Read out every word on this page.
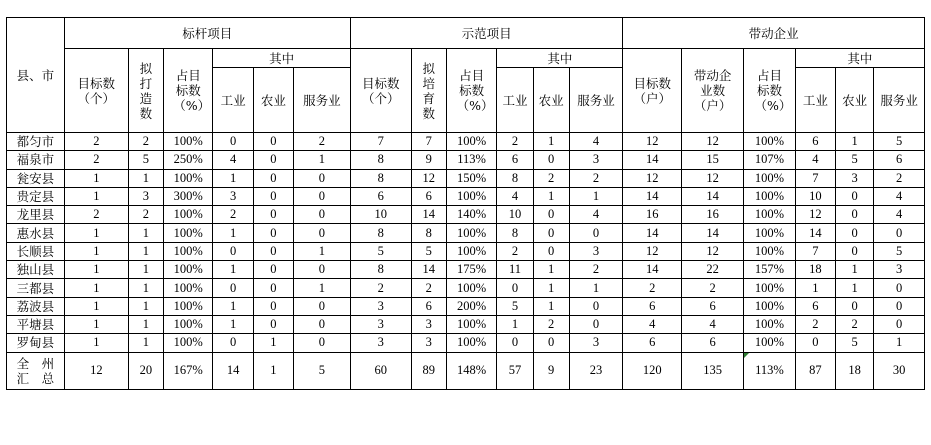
县、市	标杆项目						示范项目						带动企业					
	目标数（个）	拟打造数	占目标数（%）	其中			目标数（个）	拟培育数	占目标数（%）	其中			目标数（户）	带动企业数（户）	占目标数（%）	其中		
				工业	农业	服务业				工业	农业	服务业				工业	农业	服务业
都匀市	2	2	100%	0	0	2	7	7	100%	2	1	4	12	12	100%	6	1	5
福泉市	2	5	250%	4	0	1	8	9	113%	6	0	3	14	15	107%	4	5	6
瓮安县	1	1	100%	1	0	0	8	12	150%	8	2	2	12	12	100%	7	3	2
贵定县	1	3	300%	3	0	0	6	6	100%	4	1	1	14	14	100%	10	0	4
龙里县	2	2	100%	2	0	0	10	14	140%	10	0	4	16	16	100%	12	0	4
惠水县	1	1	100%	1	0	0	8	8	100%	8	0	0	14	14	100%	14	0	0
长顺县	1	1	100%	0	0	1	5	5	100%	2	0	3	12	12	100%	7	0	5
独山县	1	1	100%	1	0	0	8	14	175%	11	1	2	14	22	157%	18	1	3
三都县	1	1	100%	0	0	1	2	2	100%	0	1	1	2	2	100%	1	1	0
荔波县	1	1	100%	1	0	0	3	6	200%	5	1	0	6	6	100%	6	0	0
平塘县	1	1	100%	1	0	0	3	3	100%	1	2	0	4	4	100%	2	2	0
罗甸县	1	1	100%	0	1	0	3	3	100%	0	0	3	6	6	100%	0	5	1

全　州
汇　总	12	20	167%	14	1	5	60	89	148%	57	9	23	120	135	113%	87	18	30
